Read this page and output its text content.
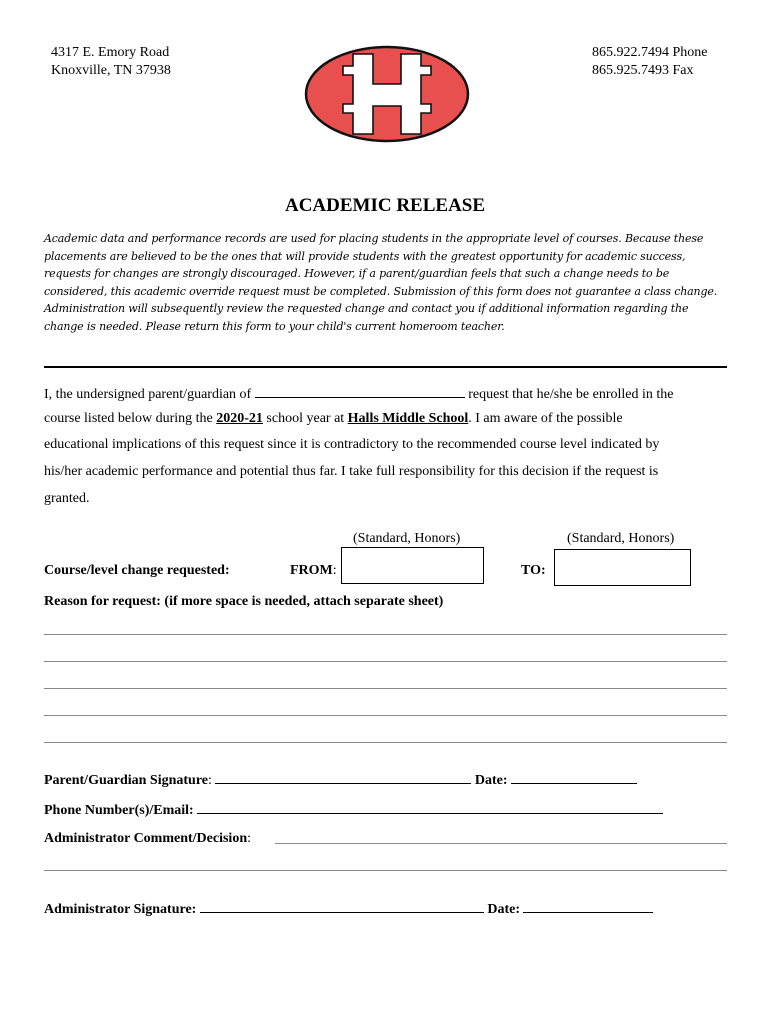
4317 E. Emory Road
Knoxville, TN 37938
865.922.7494 Phone
865.925.7493 Fax
ACADEMIC RELEASE
Academic data and performance records are used for placing students in the appropriate level of courses. Because these placements are believed to be the ones that will provide students with the greatest opportunity for academic success, requests for changes are strongly discouraged. However, if a parent/guardian feels that such a change needs to be considered, this academic override request must be completed. Submission of this form does not guarantee a class change. Administration will subsequently review the requested change and contact you if additional information regarding the change is needed. Please return this form to your child's current homeroom teacher.
I, the undersigned parent/guardian of	request that he/she be enrolled in the
course listed below during the 2020-21 school year at Halls Middle School. I am aware of the possible
educational implications of this request since it is contradictory to the recommended course level indicated by
his/her academic performance and potential thus far. I take full responsibility for this decision if the request is
granted.
(Standard, Honors)	(Standard, Honors)
Course/level change requested:	FROM:	TO:
Reason for request: (if more space is needed, attach separate sheet)
Parent/Guardian Signature:	Date:
Phone Number(s)/Email:
Administrator Comment/Decision:
Administrator Signature:	Date:
